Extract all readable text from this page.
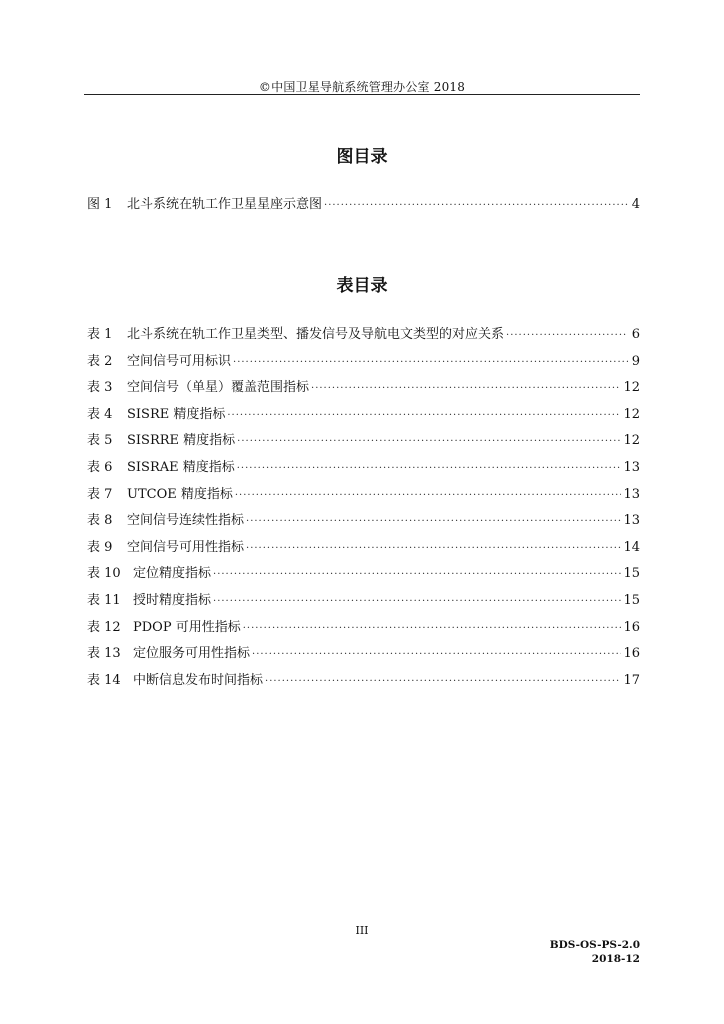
©中国卫星导航系统管理办公室 2018
图目录
图 1	北斗系统在轨工作卫星星座示意图 ·····	4
表目录
表 1	北斗系统在轨工作卫星类型、播发信号及导航电文类型的对应关系 ·····	6
表 2	空间信号可用标识 ·····	9
表 3	空间信号（单星）覆盖范围指标 ·····	12
表 4	SISRE 精度指标 ·····	12
表 5	SISRRE 精度指标 ·····	12
表 6	SISRAE 精度指标 ·····	13
表 7	UTCOE 精度指标 ·····	13
表 8	空间信号连续性指标 ·····	13
表 9	空间信号可用性指标 ·····	14
表 10 定位精度指标 ·····	15
表 11 授时精度指标 ·····	15
表 12 PDOP 可用性指标 ·····	16
表 13 定位服务可用性指标 ·····	16
表 14 中断信息发布时间指标 ·····	17
III
BDS-OS-PS-2.0
2018-12
